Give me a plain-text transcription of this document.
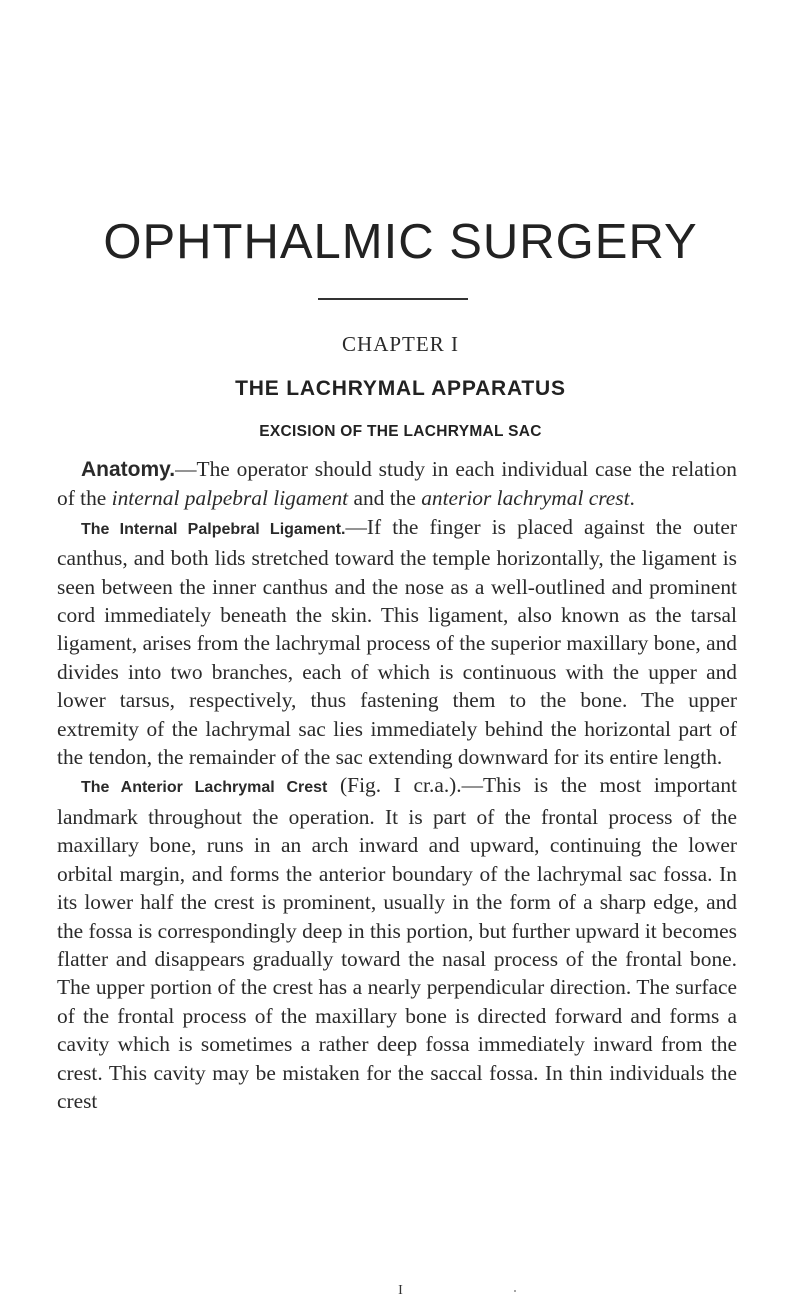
OPHTHALMIC SURGERY
CHAPTER I
THE LACHRYMAL APPARATUS
EXCISION OF THE LACHRYMAL SAC

Anatomy.—The operator should study in each individual case the relation of the internal palpebral ligament and the anterior lachrymal crest.

The Internal Palpebral Ligament.—If the finger is placed against the outer canthus, and both lids stretched toward the temple horizontally, the ligament is seen between the inner canthus and the nose as a well-outlined and prominent cord immediately beneath the skin. This ligament, also known as the tarsal ligament, arises from the lachrymal process of the superior maxillary bone, and divides into two branches, each of which is continuous with the upper and lower tarsus, respectively, thus fastening them to the bone. The upper extremity of the lachrymal sac lies immediately behind the horizontal part of the tendon, the remainder of the sac extending downward for its entire length.

The Anterior Lachrymal Crest (Fig. I cr.a.).—This is the most important landmark throughout the operation. It is part of the frontal process of the maxillary bone, runs in an arch inward and upward, continuing the lower orbital margin, and forms the anterior boundary of the lachrymal sac fossa. In its lower half the crest is prominent, usually in the form of a sharp edge, and the fossa is correspondingly deep in this portion, but further upward it becomes flatter and disappears gradually toward the nasal process of the frontal bone. The upper portion of the crest has a nearly perpendicular direction. The surface of the frontal process of the maxillary bone is directed forward and forms a cavity which is sometimes a rather deep fossa immediately inward from the crest. This cavity may be mistaken for the saccal fossa. In thin individuals the crest

I
